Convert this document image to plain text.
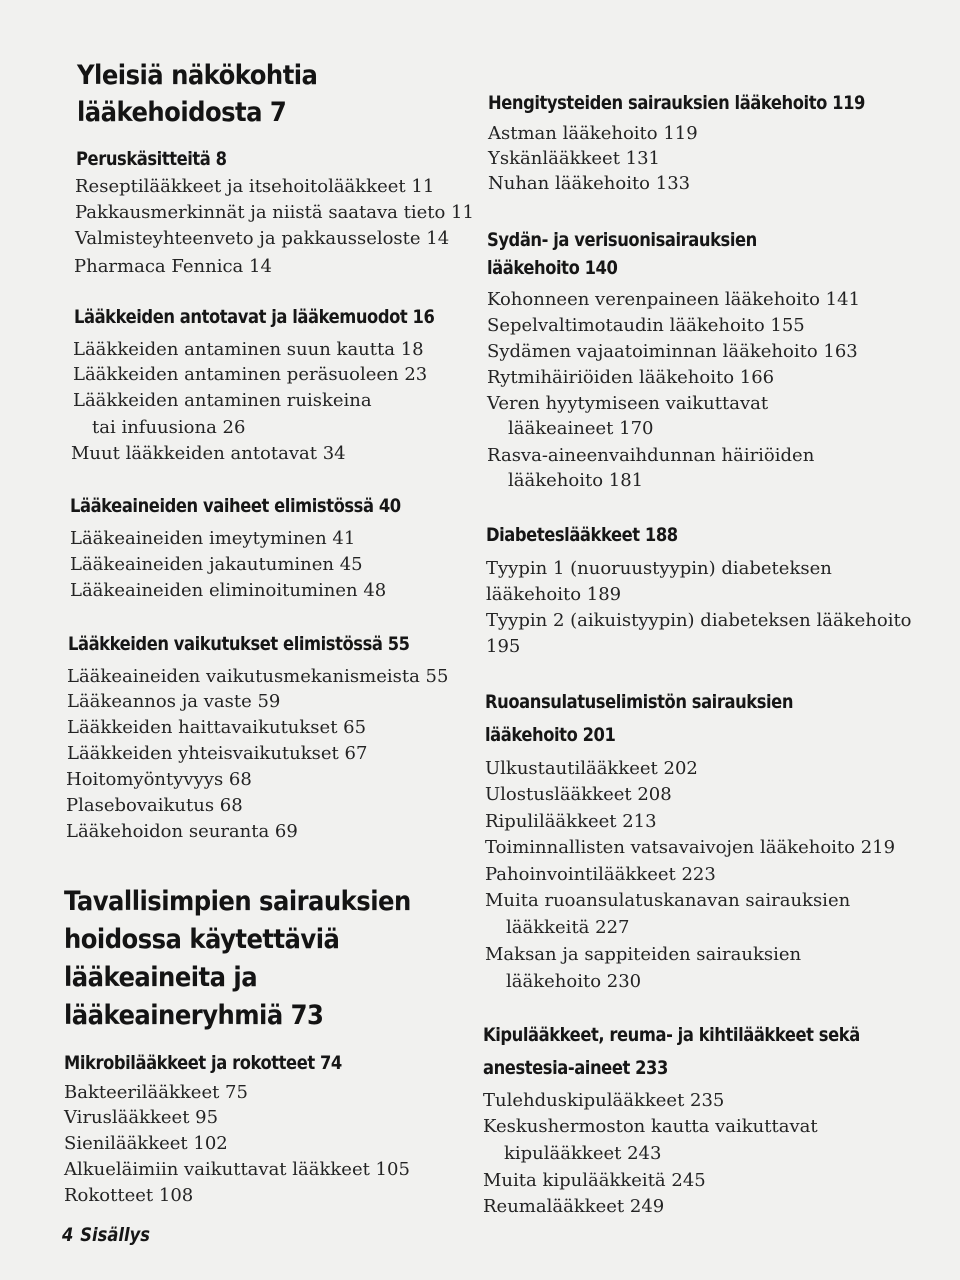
Yleisiä näkökohtia
lääkehoidosta 7
Peruskäsitteitä 8
Reseptilääkkeet ja itsehoitolääkkeet 11
Pakkausmerkinnät ja niistä saatava tieto 11
Valmisteyhteenveto ja pakkausseloste 14
Pharmaca Fennica 14
Lääkkeiden antotavat ja lääkemuodot 16
Lääkkeiden antaminen suun kautta 18
Lääkkeiden antaminen peräsuoleen 23
Lääkkeiden antaminen ruiskeina
tai infuusiona 26
Muut lääkkeiden antotavat 34
Lääkeaineiden vaiheet elimistössä 40
Lääkeaineiden imeytyminen 41
Lääkeaineiden jakautuminen 45
Lääkeaineiden eliminoituminen 48
Lääkkeiden vaikutukset elimistössä 55
Lääkeaineiden vaikutusmekanismeista 55
Lääkeannos ja vaste 59
Lääkkeiden haittavaikutukset 65
Lääkkeiden yhteisvaikutukset 67
Hoitomyöntyvyys 68
Plasebovaikutus 68
Lääkehoidon seuranta 69
Tavallisimpien sairauksien
hoidossa käytettäviä
lääkeaineita ja
lääkeaineryhmiä 73
Mikrobilääkkeet ja rokotteet 74
Bakteerilääkkeet 75
Viruslääkkeet 95
Sienilääkkeet 102
Alkueläimiin vaikuttavat lääkkeet 105
Rokotteet 108
Hengitysteiden sairauksien lääkehoito 119
Astman lääkehoito 119
Yskänlääkkeet 131
Nuhan lääkehoito 133
Sydän- ja verisuonisairauksien
lääkehoito 140
Kohonneen verenpaineen lääkehoito 141
Sepelvaltimotaudin lääkehoito 155
Sydämen vajaatoiminnan lääkehoito 163
Rytmihäiriöiden lääkehoito 166
Veren hyytymiseen vaikuttavat
lääkeaineet 170
Rasva-aineenvaihdunnan häiriöiden
lääkehoito 181
Diabeteslääkkeet 188
Tyypin 1 (nuoruustyypin) diabeteksen
lääkehoito 189
Tyypin 2 (aikuistyypin) diabeteksen lääkehoito
195
Ruoansulatuselimistön sairauksien
lääkehoito 201
Ulkustautilääkkeet 202
Ulostuslääkkeet 208
Ripulilääkkeet 213
Toiminnallisten vatsavaivojen lääkehoito 219
Pahoinvointilääkkeet 223
Muita ruoansulatuskanavan sairauksien
lääkkeitä 227
Maksan ja sappiteiden sairauksien
lääkehoito 230
Kipulääkkeet, reuma- ja kihtilääkkeet sekä
anestesia-aineet 233
Tulehduskipulääkkeet 235
Keskushermoston kautta vaikuttavat
kipulääkkeet 243
Muita kipulääkkeitä 245
Reumalääkkeet 249
4 Sisällys
